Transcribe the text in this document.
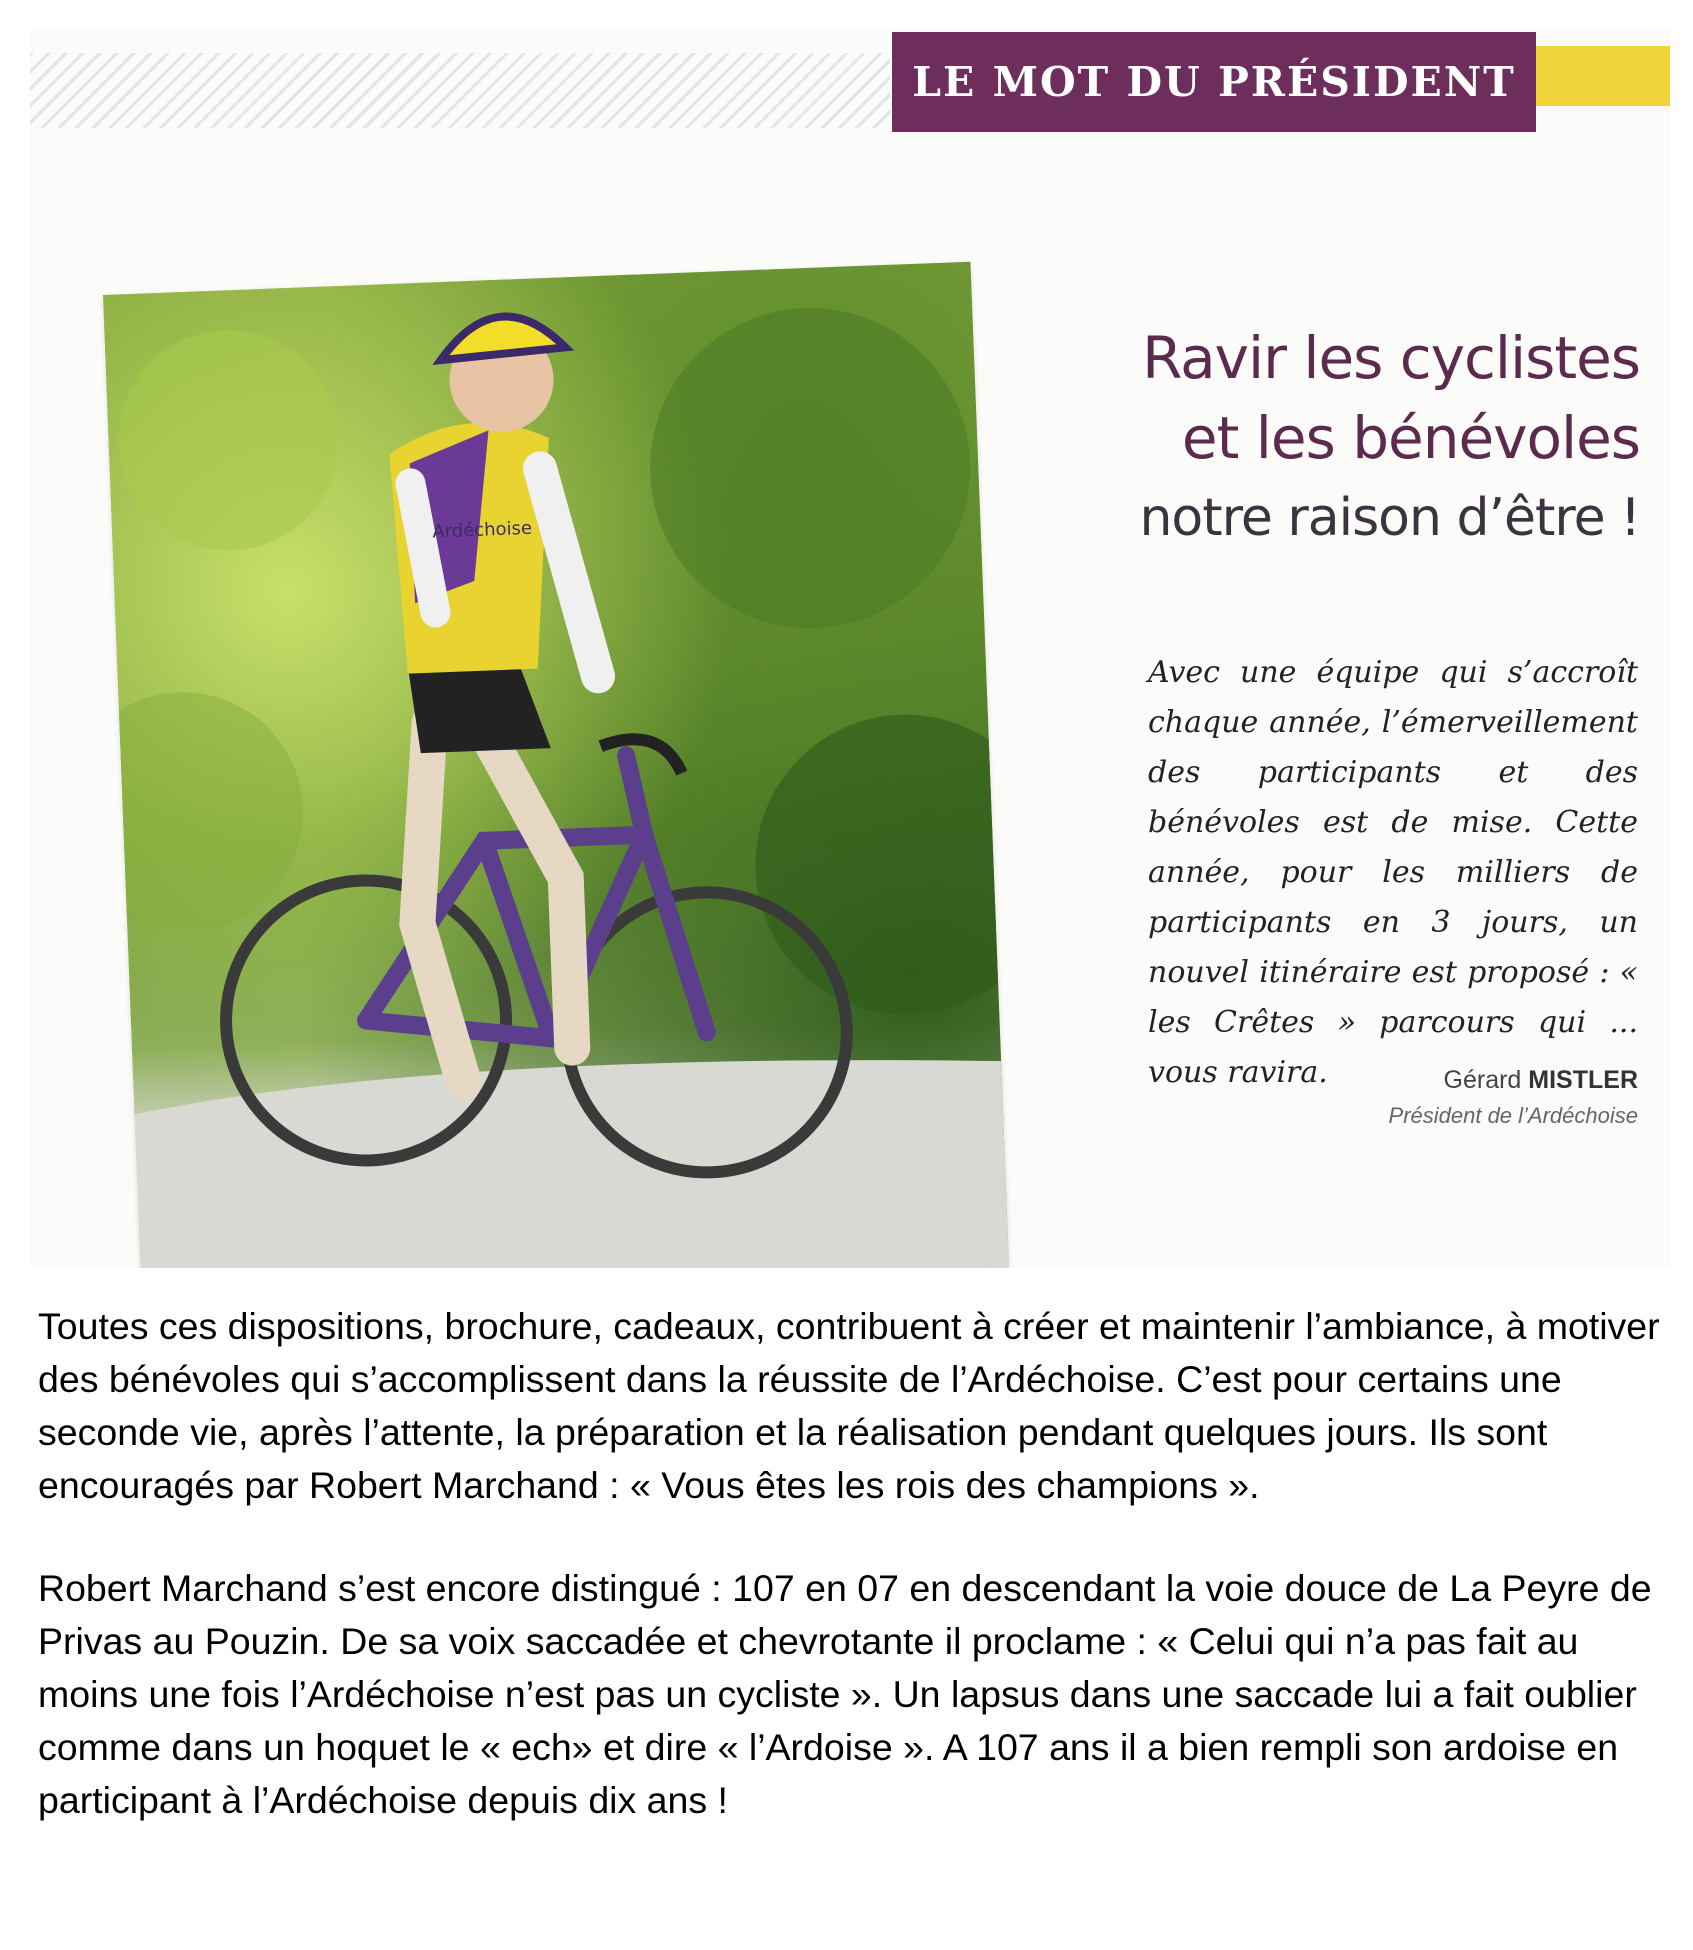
LE MOT DU PRÉSIDENT
Ardéchoise
Ravir les cyclistes
et les bénévoles
notre raison d’être !
Avec une équipe qui s’accroît chaque année, l’émerveillement des participants et des bénévoles est de mise. Cette année, pour les milliers de participants en 3 jours, un nouvel itinéraire est proposé : « les Crêtes » parcours qui ... vous ravira.	Gérard MISTLER
Président de l’Ardéchoise

Toutes ces dispositions, brochure, cadeaux, contribuent à créer et maintenir l’ambiance, à motiver des bénévoles qui s’accomplissent dans la réussite de l’Ardéchoise. C’est pour certains une seconde vie, après l’attente, la préparation et la réalisation pendant quelques jours. Ils sont encouragés par Robert Marchand : « Vous êtes les rois des champions ».

Robert Marchand s’est encore distingué : 107 en 07 en descendant la voie douce de La Peyre de Privas au Pouzin. De sa voix saccadée et chevrotante il proclame : « Celui qui n’a pas fait au moins une fois l’Ardéchoise n’est pas un cycliste ». Un lapsus dans une saccade lui a fait oublier comme dans un hoquet le « ech» et dire « l’Ardoise ». A 107 ans il a bien rempli son ardoise en participant à l’Ardéchoise depuis dix ans !
